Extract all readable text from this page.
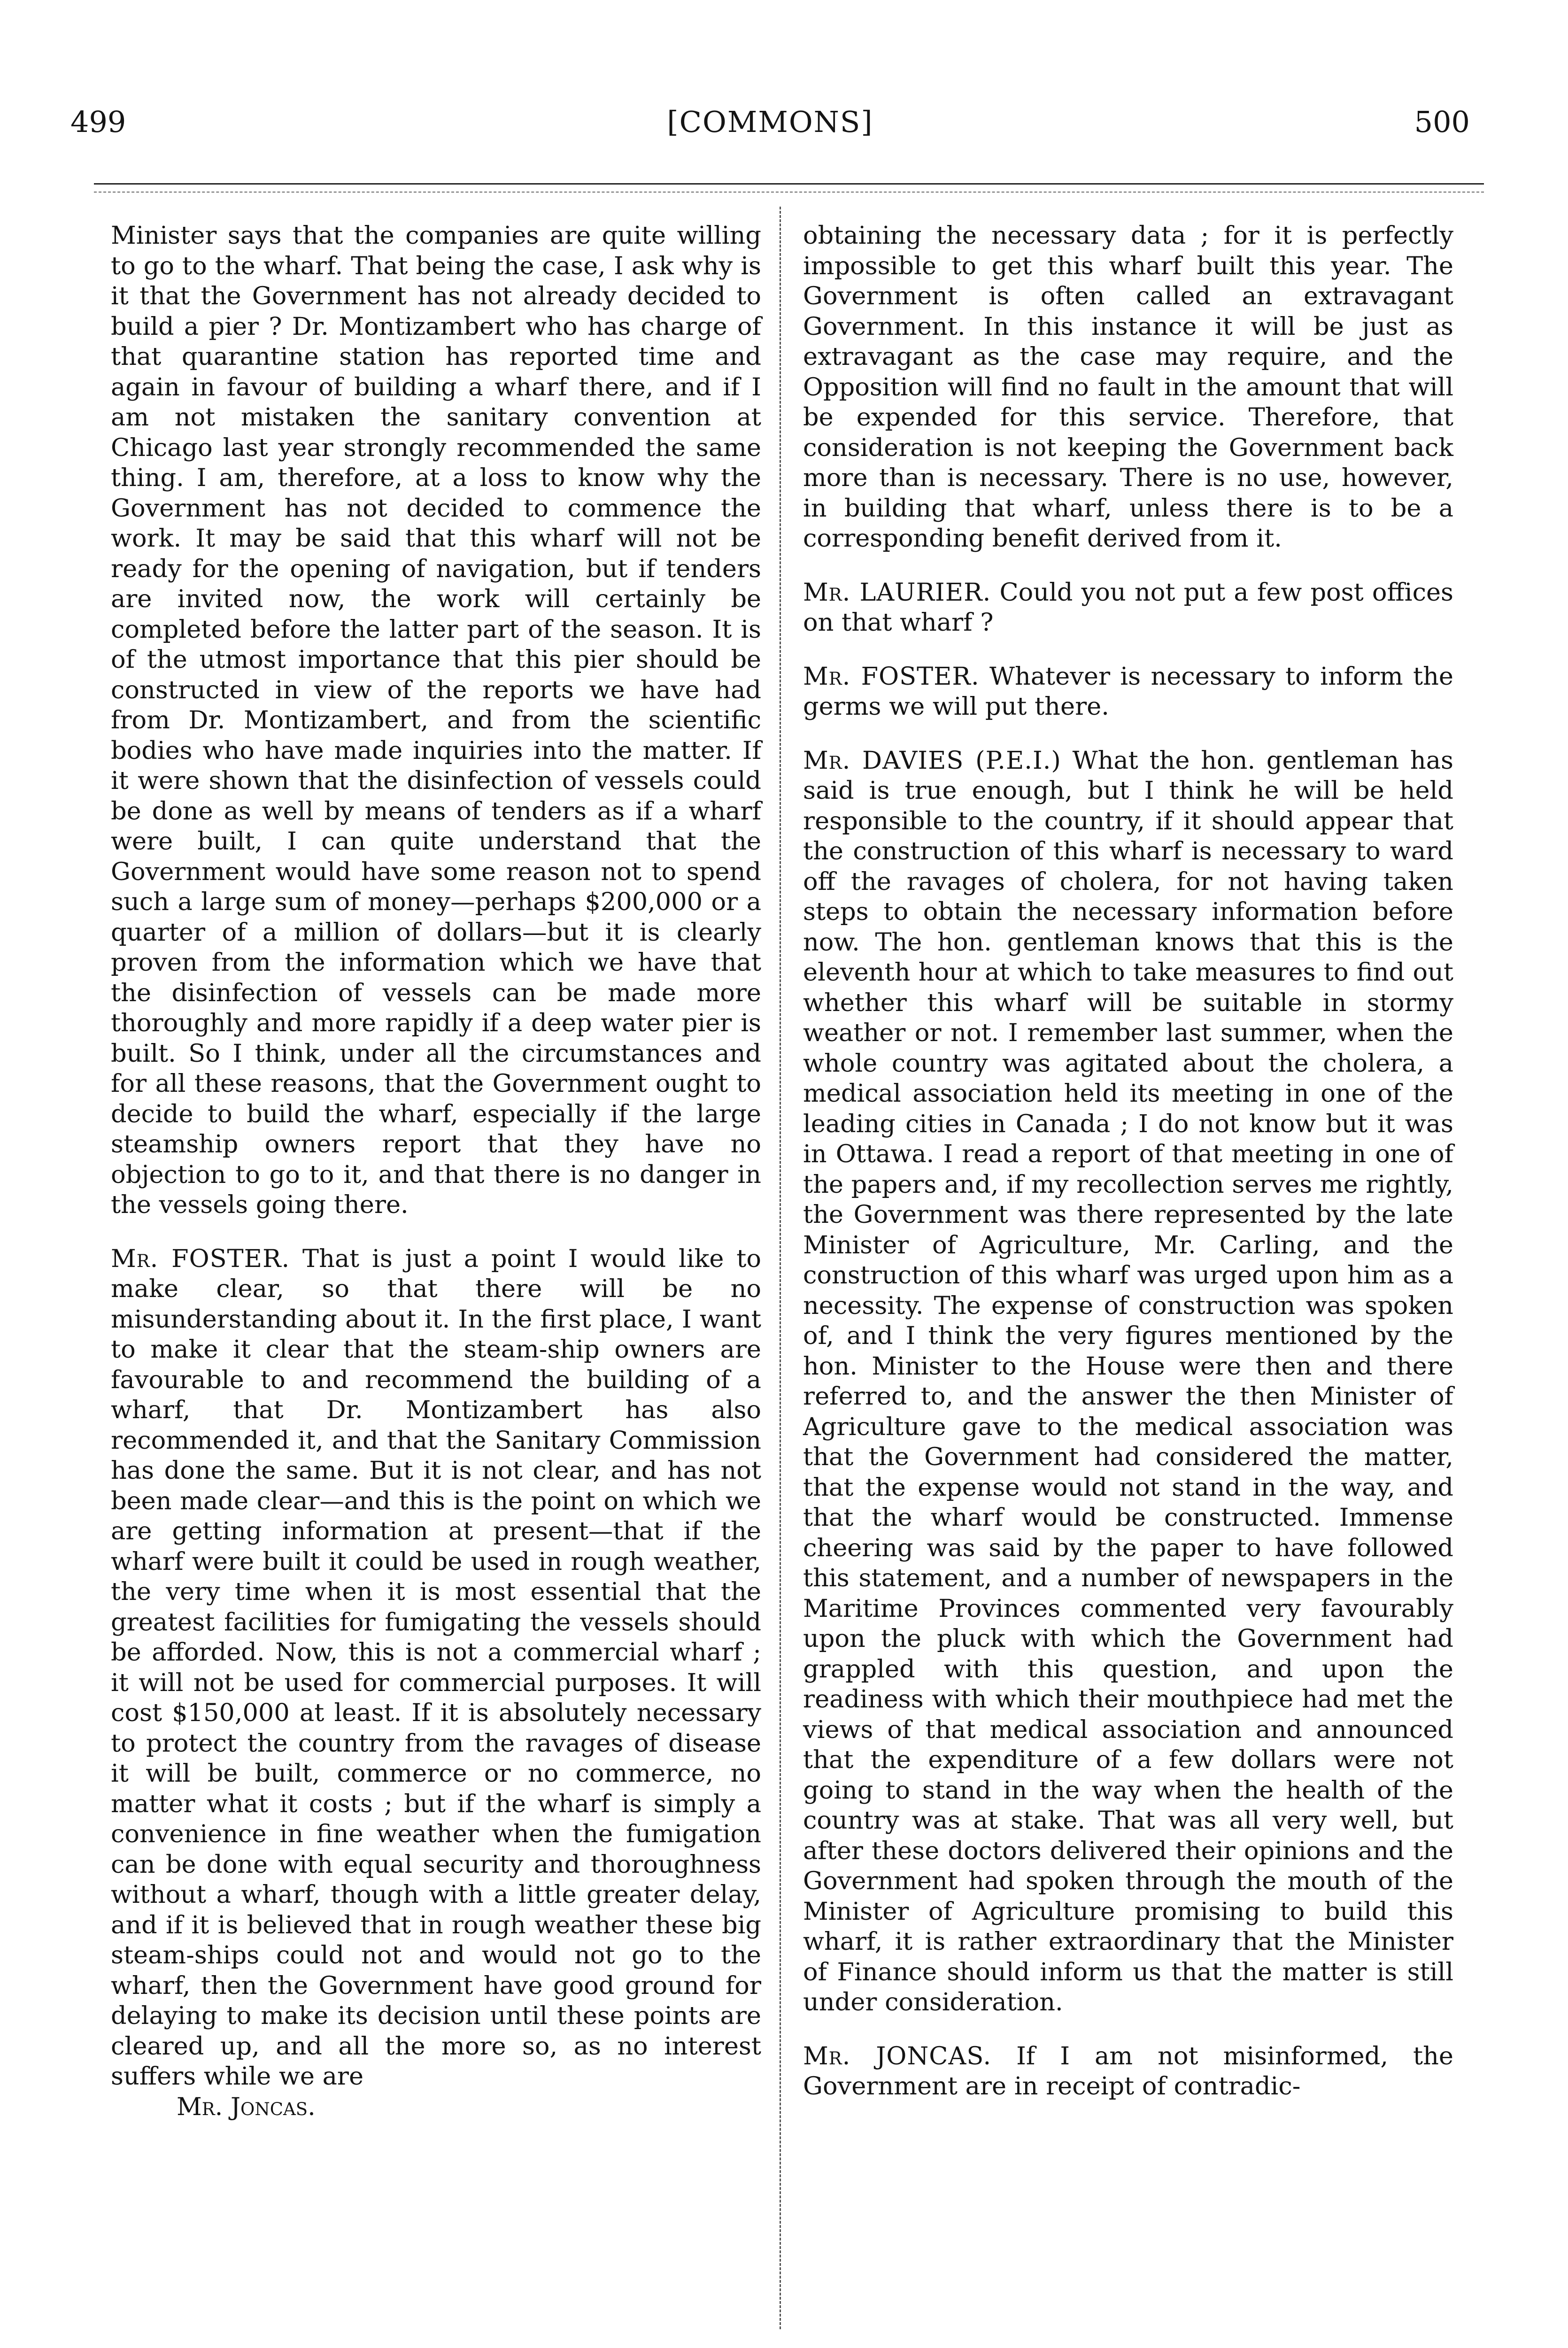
499	[COMMONS]	500

Minister says that the companies are quite willing to go to the wharf. That being the case, I ask why is it that the Government has not already decided to build a pier ? Dr. Montizambert who has charge of that quarantine station has reported time and again in favour of building a wharf there, and if I am not mistaken the sanitary convention at Chicago last year strongly recommended the same thing. I am, therefore, at a loss to know why the Government has not decided to commence the work. It may be said that this wharf will not be ready for the opening of navigation, but if tenders are invited now, the work will certainly be completed before the latter part of the season. It is of the utmost importance that this pier should be constructed in view of the reports we have had from Dr. Montizambert, and from the scientific bodies who have made inquiries into the matter. If it were shown that the disinfection of vessels could be done as well by means of tenders as if a wharf were built, I can quite understand that the Government would have some reason not to spend such a large sum of money—perhaps $200,000 or a quarter of a million of dollars—but it is clearly proven from the information which we have that the disinfection of vessels can be made more thoroughly and more rapidly if a deep water pier is built. So I think, under all the circumstances and for all these reasons, that the Government ought to decide to build the wharf, especially if the large steamship owners report that they have no objection to go to it, and that there is no danger in the vessels going there.

Mr. FOSTER. That is just a point I would like to make clear, so that there will be no misunderstanding about it. In the first place, I want to make it clear that the steam-ship owners are favourable to and recommend the building of a wharf, that Dr. Montizambert has also recommended it, and that the Sanitary Commission has done the same. But it is not clear, and has not been made clear—and this is the point on which we are getting information at present—that if the wharf were built it could be used in rough weather, the very time when it is most essential that the greatest facilities for fumigating the vessels should be afforded. Now, this is not a commercial wharf ; it will not be used for commercial purposes. It will cost $150,000 at least. If it is absolutely necessary to protect the country from the ravages of disease it will be built, commerce or no commerce, no matter what it costs ; but if the wharf is simply a convenience in fine weather when the fumigation can be done with equal security and thoroughness without a wharf, though with a little greater delay, and if it is believed that in rough weather these big steam-ships could not and would not go to the wharf, then the Government have good ground for delaying to make its decision until these points are cleared up, and all the more so, as no interest suffers while we are

Mr. Joncas.

obtaining the necessary data ; for it is perfectly impossible to get this wharf built this year. The Government is often called an extravagant Government. In this instance it will be just as extravagant as the case may require, and the Opposition will find no fault in the amount that will be expended for this service. Therefore, that consideration is not keeping the Government back more than is necessary. There is no use, however, in building that wharf, unless there is to be a corresponding benefit derived from it.

Mr. LAURIER. Could you not put a few post offices on that wharf ?

Mr. FOSTER. Whatever is necessary to inform the germs we will put there.

Mr. DAVIES (P.E.I.) What the hon. gentleman has said is true enough, but I think he will be held responsible to the country, if it should appear that the construction of this wharf is necessary to ward off the ravages of cholera, for not having taken steps to obtain the necessary information before now. The hon. gentleman knows that this is the eleventh hour at which to take measures to find out whether this wharf will be suitable in stormy weather or not. I remember last summer, when the whole country was agitated about the cholera, a medical association held its meeting in one of the leading cities in Canada ; I do not know but it was in Ottawa. I read a report of that meeting in one of the papers and, if my recollection serves me rightly, the Government was there represented by the late Minister of Agriculture, Mr. Carling, and the construction of this wharf was urged upon him as a necessity. The expense of construction was spoken of, and I think the very figures mentioned by the hon. Minister to the House were then and there referred to, and the answer the then Minister of Agriculture gave to the medical association was that the Government had considered the matter, that the expense would not stand in the way, and that the wharf would be constructed. Immense cheering was said by the paper to have followed this statement, and a number of newspapers in the Maritime Provinces commented very favourably upon the pluck with which the Government had grappled with this question, and upon the readiness with which their mouthpiece had met the views of that medical association and announced that the expenditure of a few dollars were not going to stand in the way when the health of the country was at stake. That was all very well, but after these doctors delivered their opinions and the Government had spoken through the mouth of the Minister of Agriculture promising to build this wharf, it is rather extraordinary that the Minister of Finance should inform us that the matter is still under consideration.

Mr. JONCAS. If I am not misinformed, the Government are in receipt of contradic-
